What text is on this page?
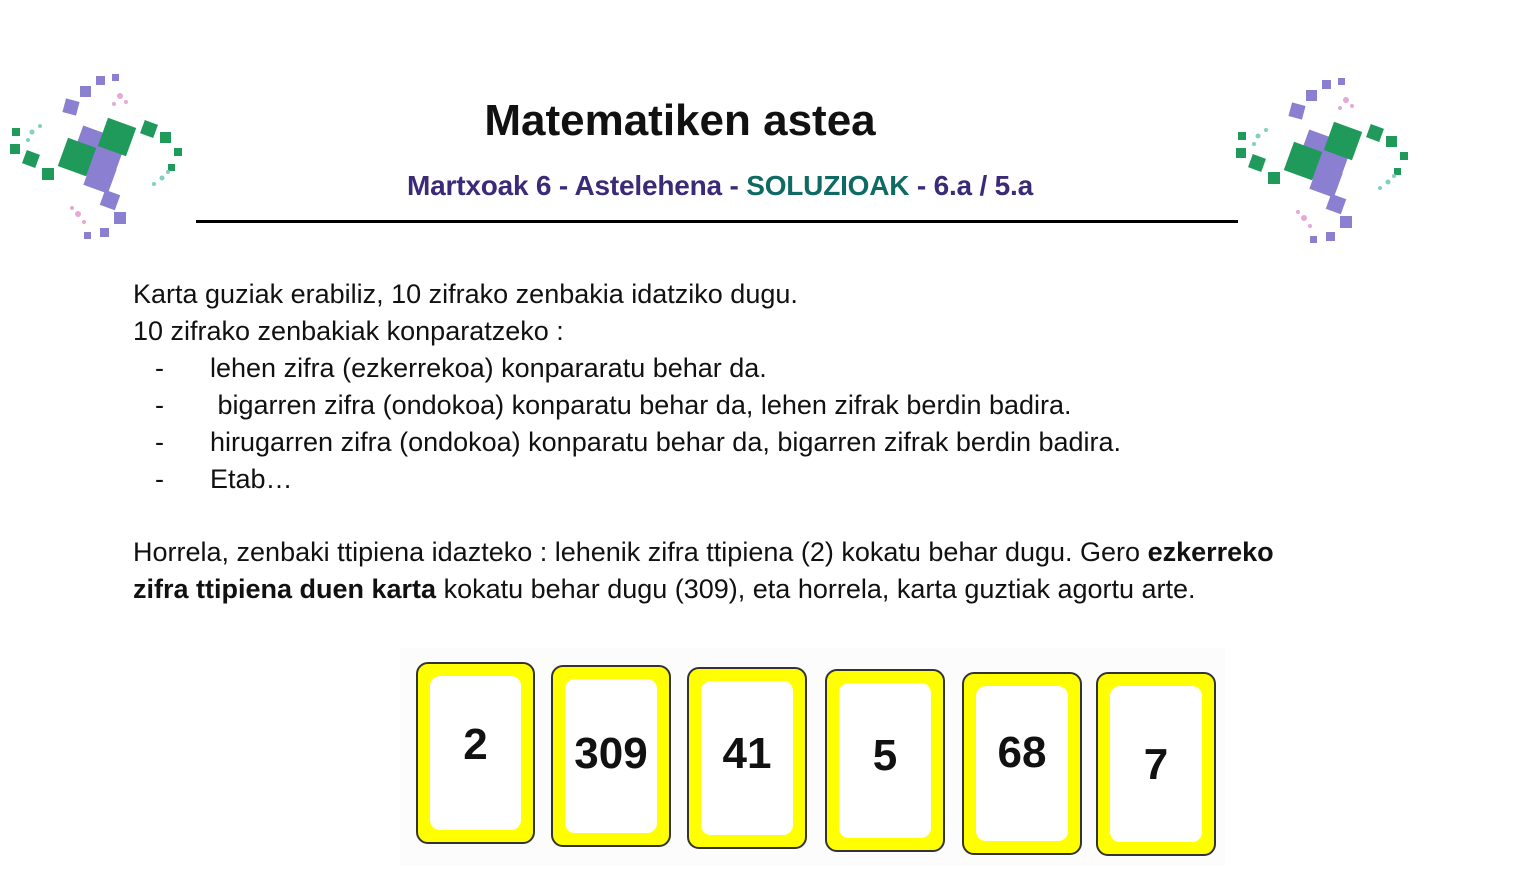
Matematiken astea
Martxoak 6 - Astelehena - SOLUZIOAK - 6.a / 5.a

Karta guziak erabiliz, 10 zifrako zenbakia idatziko dugu.

10 zifrako zenbakiak konparatzeko :

- lehen zifra (ezkerrekoa) konpararatu behar da.
- bigarren zifra (ondokoa) konparatu behar da, lehen zifrak berdin badira.
- hirugarren zifra (ondokoa) konparatu behar da, bigarren zifrak berdin badira.
- Etab…

Horrela, zenbaki ttipiena idazteko : lehenik zifra ttipiena (2) kokatu behar dugu. Gero ezkerreko zifra ttipiena duen karta kokatu behar dugu (309), eta horrela, karta guztiak agortu arte.

2 309 41 5 68 7
